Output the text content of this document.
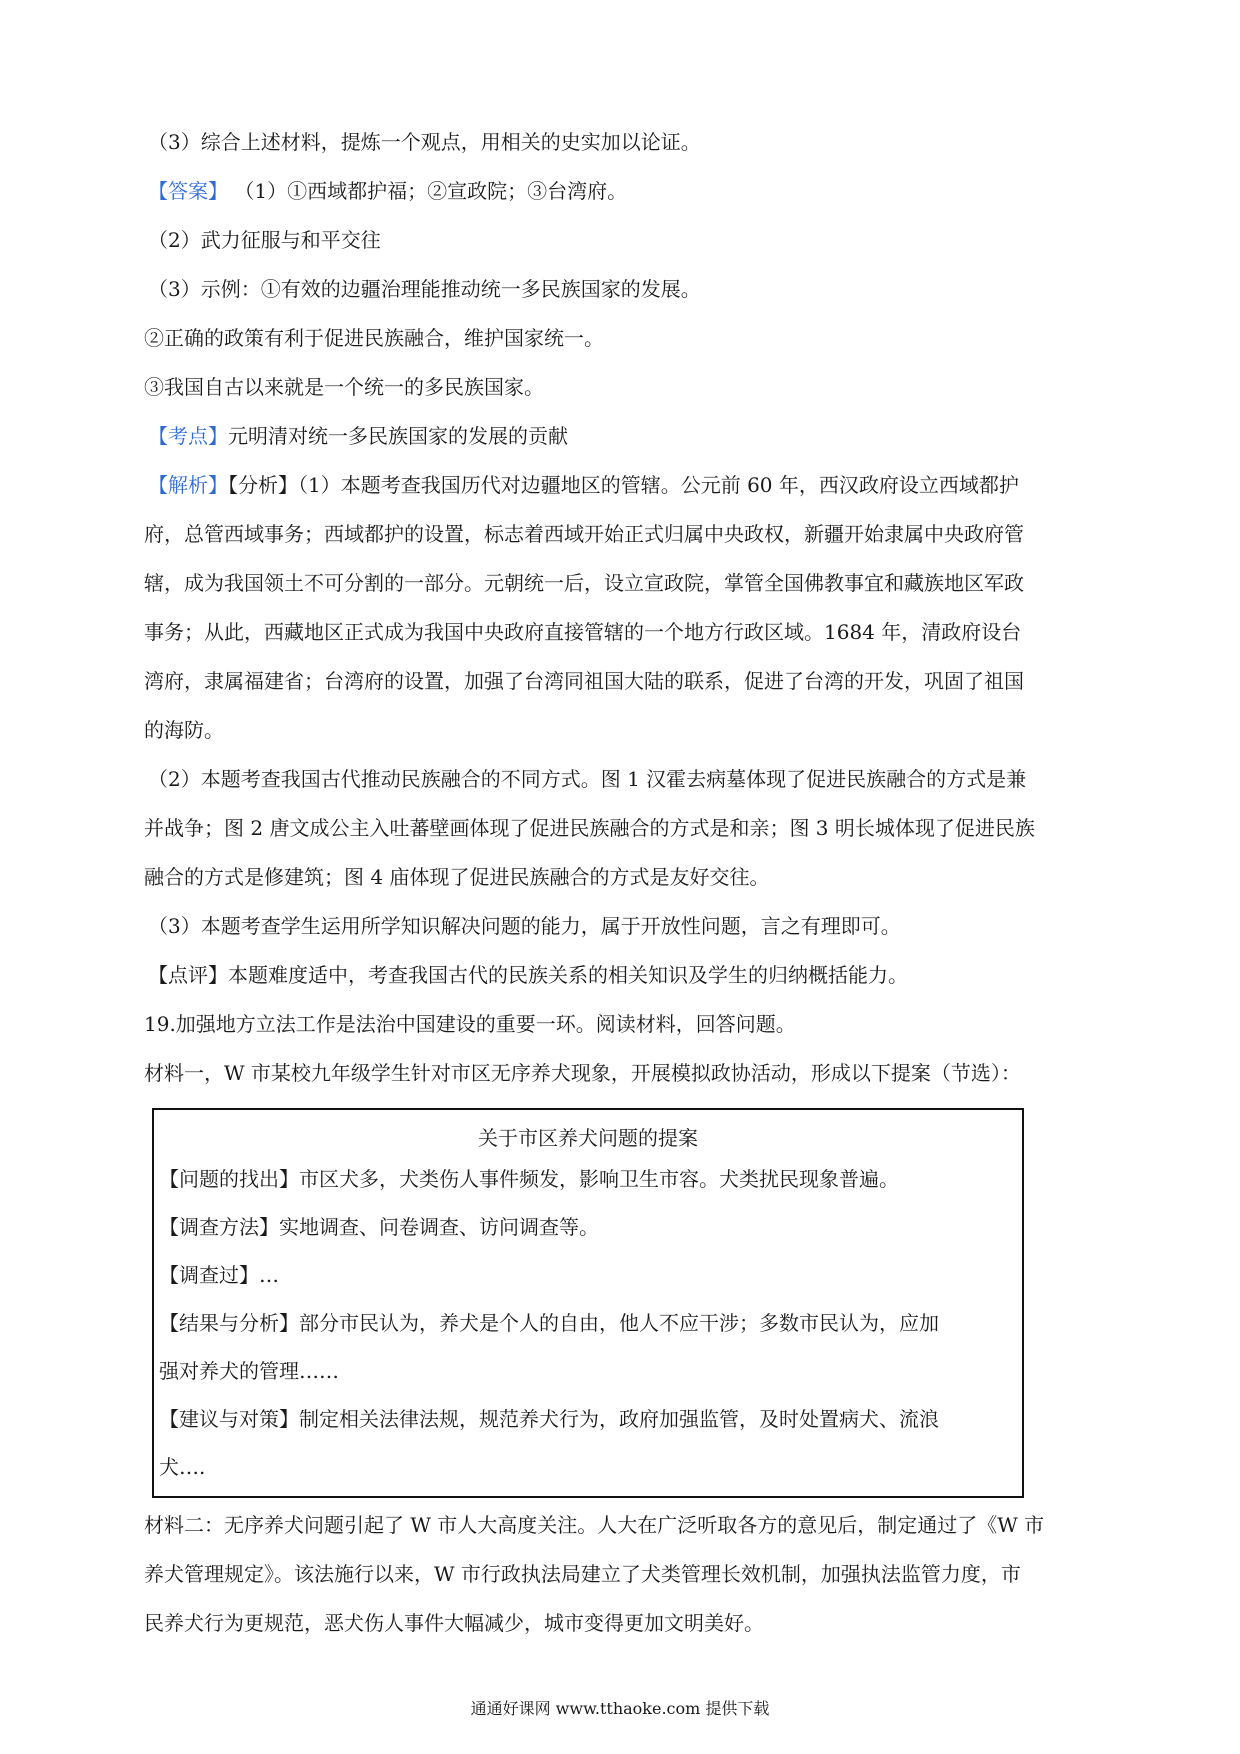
（3）综合上述材料，提炼一个观点，用相关的史实加以论证。
【答案】 （1）①西域都护福；②宣政院；③台湾府。
（2）武力征服与和平交往
（3）示例：①有效的边疆治理能推动统一多民族国家的发展。
②正确的政策有利于促进民族融合，维护国家统一。
③我国自古以来就是一个统一的多民族国家。
【考点】元明清对统一多民族国家的发展的贡献
【解析】【分析】（1）本题考查我国历代对边疆地区的管辖。公元前 60 年，西汉政府设立西域都护
府，总管西域事务；西域都护的设置，标志着西域开始正式归属中央政权，新疆开始隶属中央政府管
辖，成为我国领土不可分割的一部分。元朝统一后，设立宣政院，掌管全国佛教事宜和藏族地区军政
事务；从此，西藏地区正式成为我国中央政府直接管辖的一个地方行政区域。1684 年，清政府设台
湾府，隶属福建省；台湾府的设置，加强了台湾同祖国大陆的联系，促进了台湾的开发，巩固了祖国
的海防。
（2）本题考查我国古代推动民族融合的不同方式。图 1 汉霍去病墓体现了促进民族融合的方式是兼
并战争；图 2 唐文成公主入吐蕃壁画体现了促进民族融合的方式是和亲；图 3 明长城体现了促进民族
融合的方式是修建筑；图 4 庙体现了促进民族融合的方式是友好交往。
（3）本题考查学生运用所学知识解决问题的能力，属于开放性问题，言之有理即可。
【点评】本题难度适中，考查我国古代的民族关系的相关知识及学生的归纳概括能力。
19.加强地方立法工作是法治中国建设的重要一环。阅读材料，回答问题。
材料一，W 市某校九年级学生针对市区无序养犬现象，开展模拟政协活动，形成以下提案（节选）：
关于市区养犬问题的提案
【问题的找出】市区犬多，犬类伤人事件频发，影响卫生市容。犬类扰民现象普遍。
【调查方法】实地调查、问卷调查、访问调查等。
【调查过】…
【结果与分析】部分市民认为，养犬是个人的自由，他人不应干涉；多数市民认为，应加
强对养犬的管理……
【建议与对策】制定相关法律法规，规范养犬行为，政府加强监管，及时处置病犬、流浪
犬….
材料二：无序养犬问题引起了 W 市人大高度关注。人大在广泛听取各方的意见后，制定通过了《W 市
养犬管理规定》。该法施行以来，W 市行政执法局建立了犬类管理长效机制，加强执法监管力度，市
民养犬行为更规范，恶犬伤人事件大幅减少，城市变得更加文明美好。
通通好课网 www.tthaoke.com 提供下载
